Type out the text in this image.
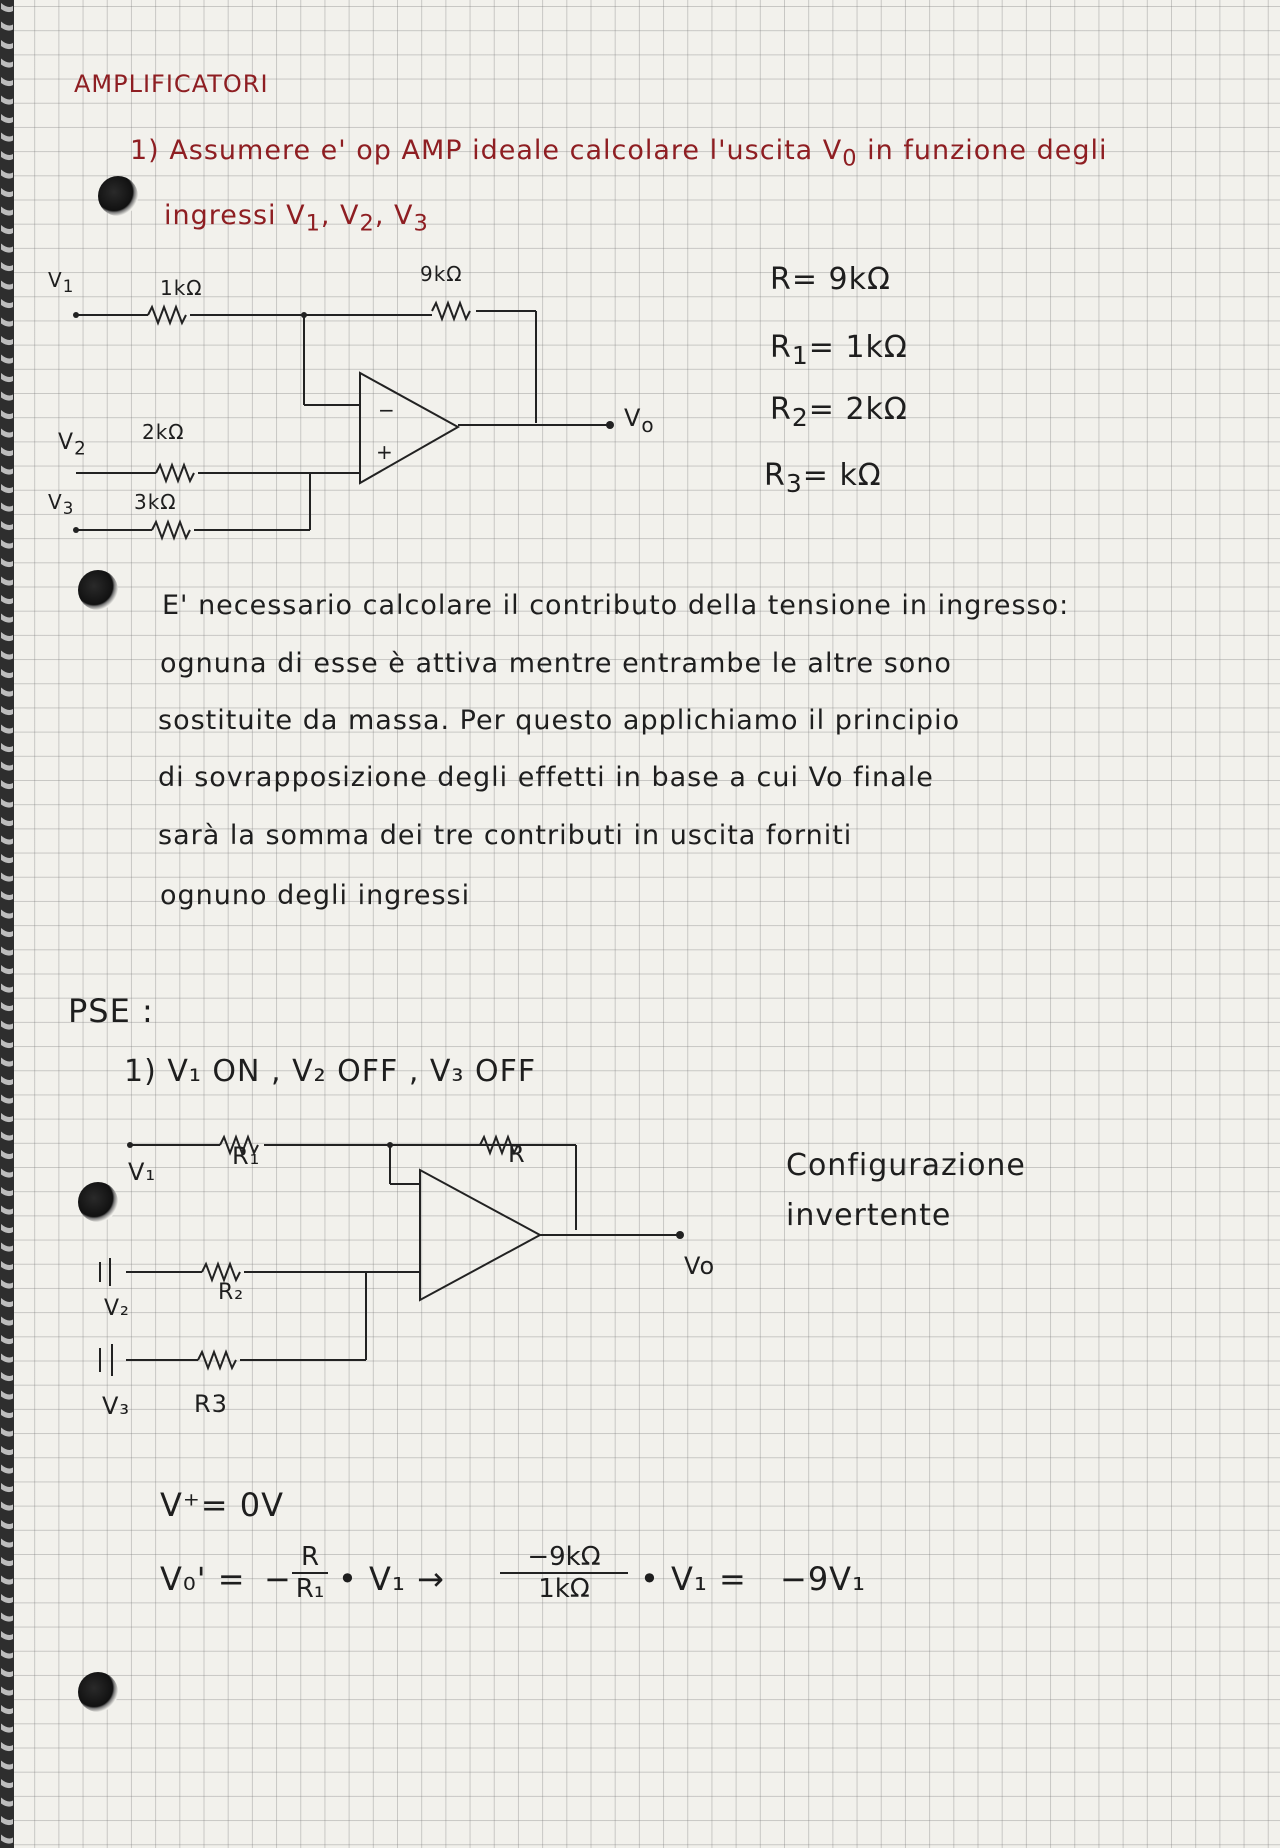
AMPLIFICATORI
1) Assumere e' op AMP ideale calcolare l'uscita $V_0$ in funzione degli
ingressi $V_1$, $V_2$, $V_3$
$V_1$	1kΩ
9kΩ
$V_2$
2kΩ
$V_3$	3kΩ
−
+
$V_o$
R= 9kΩ
$R_1= 1k\Omega$
$R_2= 2k\Omega$
$R_3= k\Omega$
E' necessario calcolare il contributo della tensione in ingresso:
ognuna di esse è attiva mentre entrambe le altre sono
sostituite da massa. Per questo applichiamo il principio
di sovrapposizione degli effetti in base a cui Vo finale
sarà la somma dei tre contributi in uscita forniti
ognuno degli ingressi
PSE :
1) V₁ ON , V₂ OFF , V₃ OFF
V₁
R₁	R
V₂
R₂
V₃	R3
Vo
Configurazione
invertente
V⁺= 0V
V₀' = − $\frac{R}{\text{R₁}}$ • $V_1 \to \frac{-9k\Omega}{1k\Omega}$ • V₁ = −9V₁
